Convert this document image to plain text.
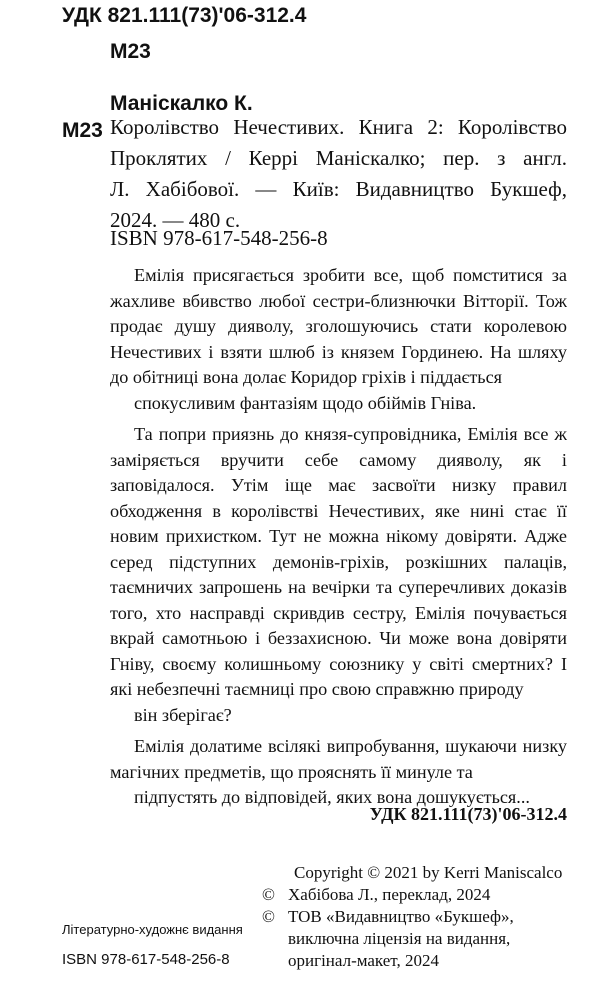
УДК 821.111(73)'06-312.4
М23
Маніскалко К.
М23 Королівство Нечестивих. Книга 2: Королівство
Проклятих / Керрі Маніскалко; пер. з англ.
Л. Хабібової. — Київ: Видавництво Букшеф,
2024. — 480 с.
ISBN 978-617-548-256-8

Емілія присягається зробити все, щоб помститися за жахливе вбивство любої сестри-близнючки Вітторії. Тож продає душу дияволу, зголошуючись стати королевою Нечестивих і взяти шлюб із князем Гординею. На шляху до обітниці вона долає Коридор гріхів і піддається
спокусливим фантазіям щодо обіймів Гніва.

Та попри приязнь до князя-супровідника, Емілія все ж заміряється вручити себе самому дияволу, як і заповідалося. Утім іще має засвоїти низку правил обходження в королівстві Нечестивих, яке нині стає її новим прихистком. Тут не можна нікому довіряти. Адже серед підступних демонів-гріхів, розкішних палаців, таємничих запрошень на вечірки та суперечливих доказів того, хто насправді скривдив сестру, Емілія почувається вкрай самотньою і беззахисною. Чи може вона довіряти Гніву, своєму колишньому союзнику у світі смертних? І які небезпечні таємниці про свою справжню природу
він зберігає?

Емілія долатиме всілякі випробування, шукаючи низку магічних предметів, що прояснять її минуле та
підпустять до відповідей, яких вона дошукується...

УДК 821.111(73)'06-312.4
Copyright © 2021 by Kerri Maniscalco
© Хабібова Л., переклад, 2024
© ТОВ «Видавництво «Букшеф»,
виключна ліцензія на видання,
оригінал-макет, 2024
Літературно-художнє видання
ISBN 978-617-548-256-8
